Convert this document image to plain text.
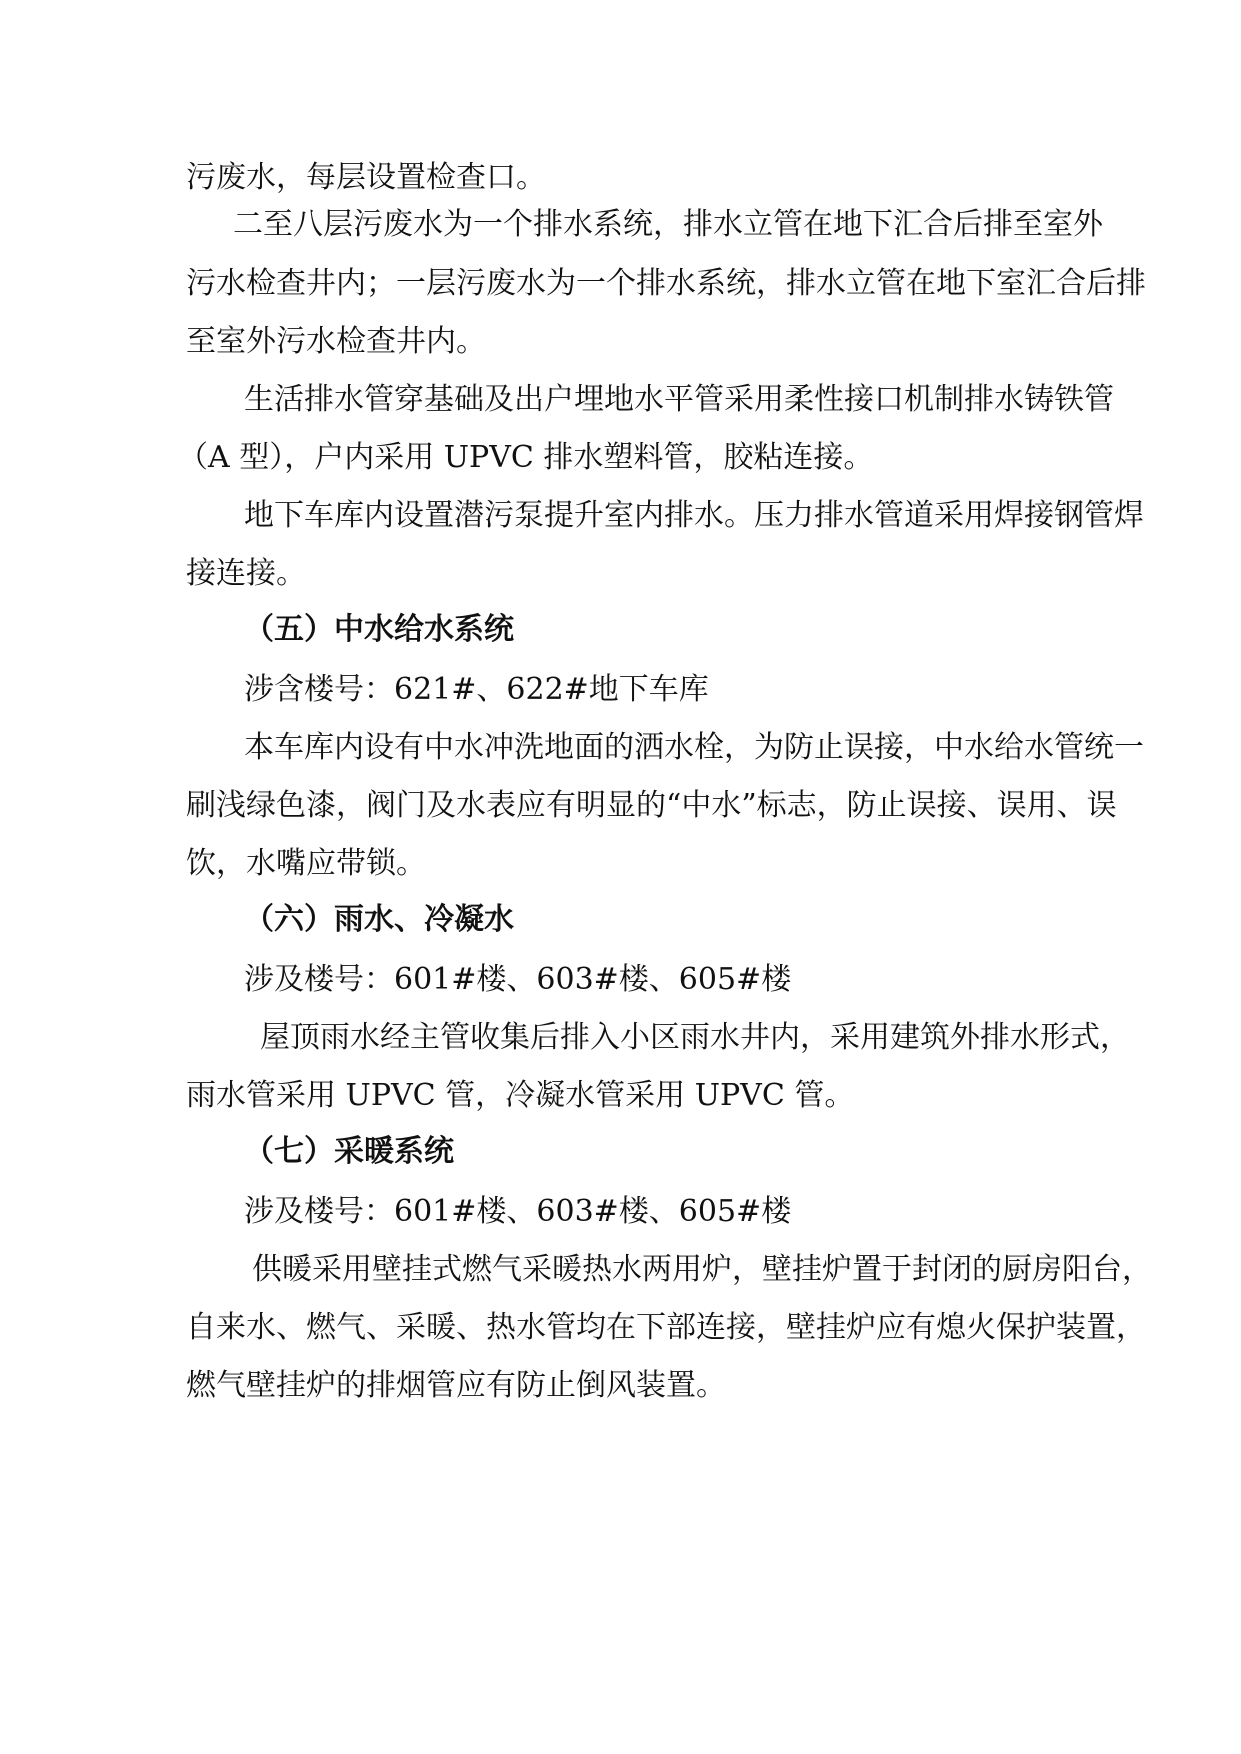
污废水，每层设置检查口。
二至八层污废水为一个排水系统，排水立管在地下汇合后排至室外
污水检查井内；一层污废水为一个排水系统，排水立管在地下室汇合后排
至室外污水检查井内。
生活排水管穿基础及出户埋地水平管采用柔性接口机制排水铸铁管
（A 型），户内采用 UPVC 排水塑料管，胶粘连接。
地下车库内设置潜污泵提升室内排水。压力排水管道采用焊接钢管焊
接连接。
（五）中水给水系统
涉含楼号：621#、622#地下车库
本车库内设有中水冲洗地面的洒水栓，为防止误接，中水给水管统一
刷浅绿色漆，阀门及水表应有明显的“中水”标志，防止误接、误用、误
饮，水嘴应带锁。
（六）雨水、冷凝水
涉及楼号：601#楼、603#楼、605#楼
屋顶雨水经主管收集后排入小区雨水井内，采用建筑外排水形式，
雨水管采用 UPVC 管，冷凝水管采用 UPVC 管。
（七）采暖系统
涉及楼号：601#楼、603#楼、605#楼
供暖采用壁挂式燃气采暖热水两用炉，壁挂炉置于封闭的厨房阳台，
自来水、燃气、采暖、热水管均在下部连接，壁挂炉应有熄火保护装置，
燃气壁挂炉的排烟管应有防止倒风装置。
